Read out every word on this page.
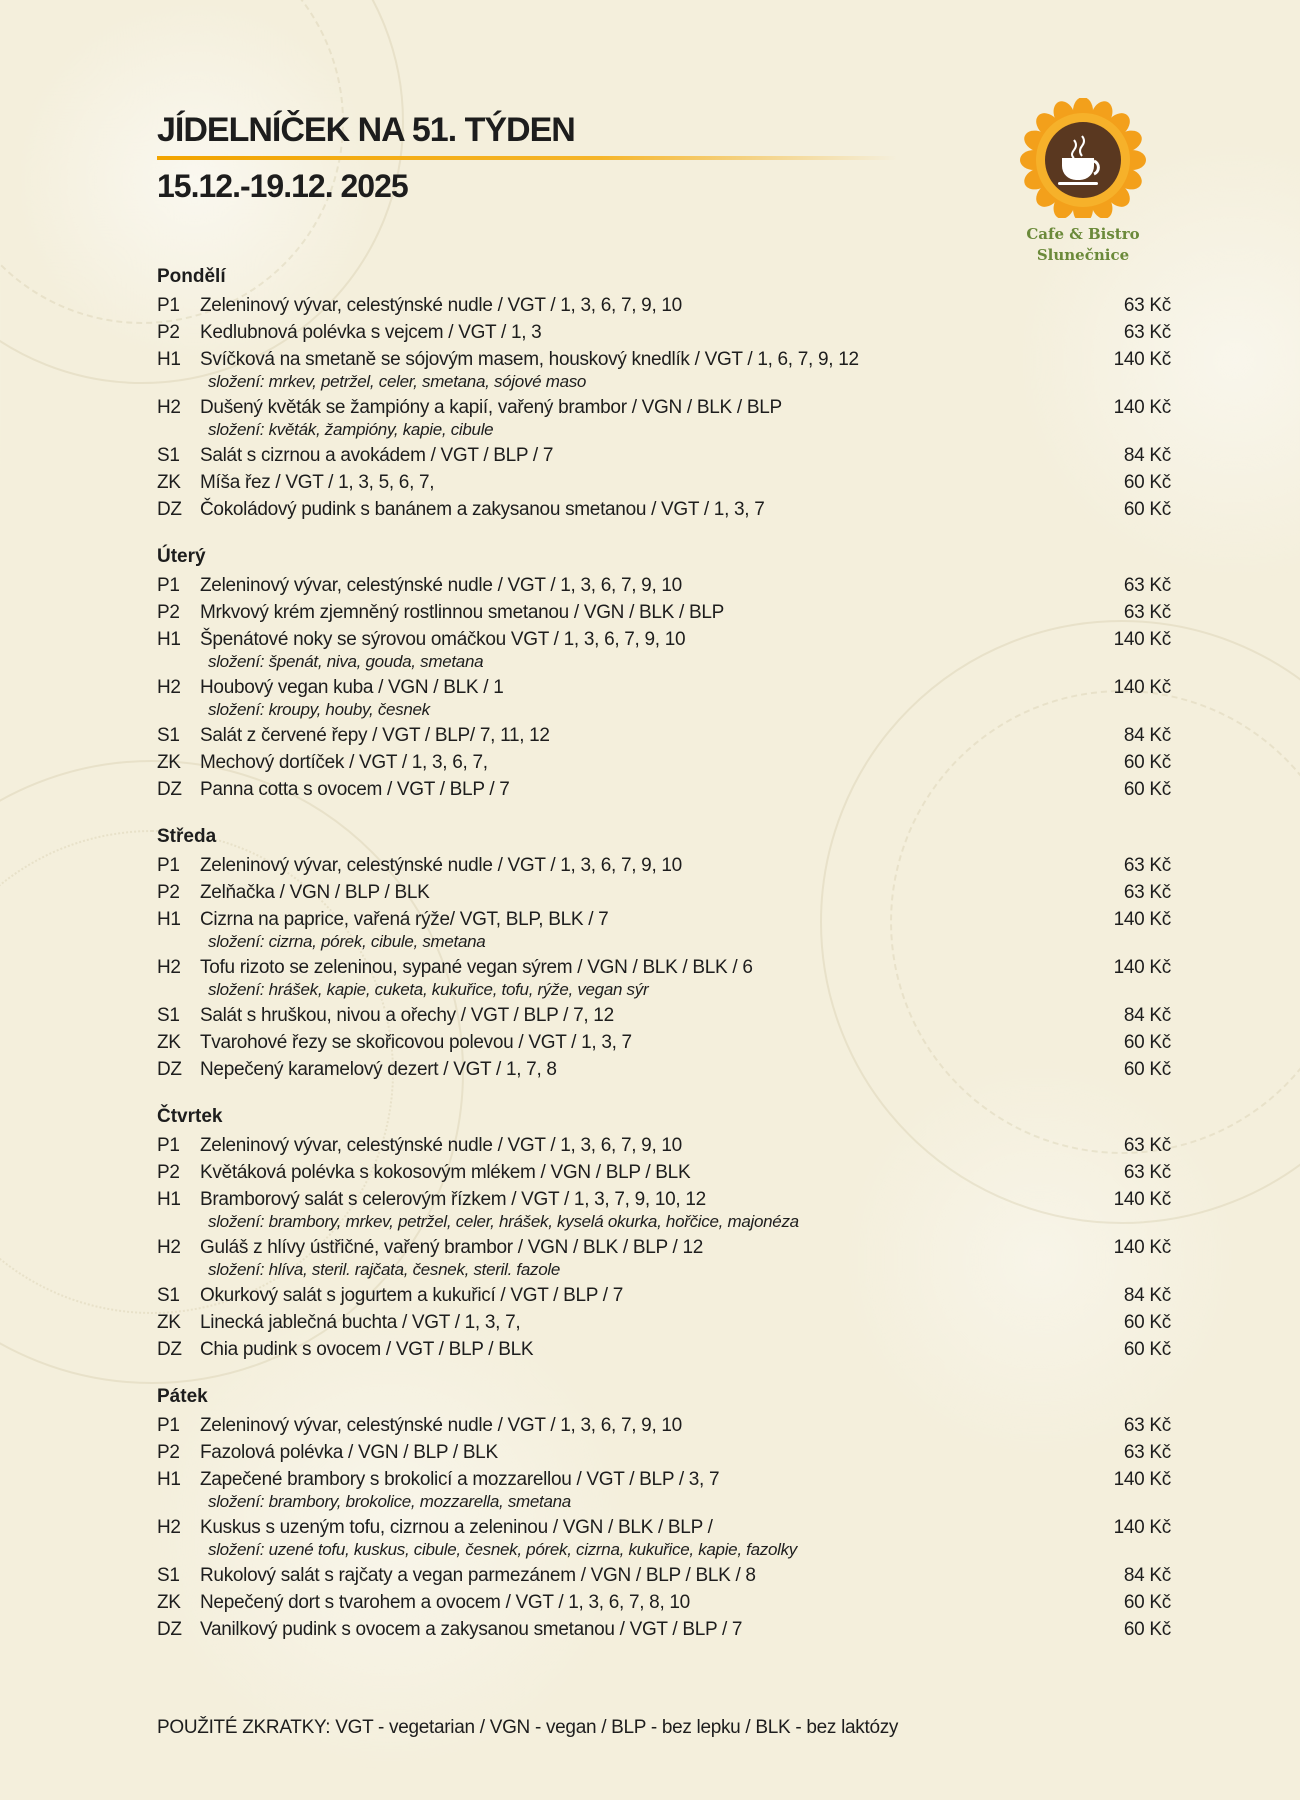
JÍDELNÍČEK NA 51. TÝDEN
15.12.-19.12. 2025
Cafe & Bistro
Slunečnice
Pondělí
P1	Zeleninový vývar, celestýnské nudle / VGT / 1, 3, 6, 7, 9, 10	63 Kč
P2	Kedlubnová polévka s vejcem / VGT / 1, 3	63 Kč
H1	Svíčková na smetaně se sójovým masem, houskový knedlík / VGT / 1, 6, 7, 9, 12	140 Kč
složení: mrkev, petržel, celer, smetana, sójové maso
H2	Dušený květák se žampióny a kapií, vařený brambor / VGN / BLK / BLP	140 Kč
složení: květák, žampióny, kapie, cibule
S1	Salát s cizrnou a avokádem / VGT / BLP / 7	84 Kč
ZK	Míša řez / VGT / 1, 3, 5, 6, 7,	60 Kč
DZ Čokoládový pudink s banánem a zakysanou smetanou / VGT / 1, 3, 7	60 Kč
Úterý
P1	Zeleninový vývar, celestýnské nudle / VGT / 1, 3, 6, 7, 9, 10	63 Kč
P2	Mrkvový krém zjemněný rostlinnou smetanou / VGN / BLK / BLP	63 Kč
H1	Špenátové noky se sýrovou omáčkou VGT / 1, 3, 6, 7, 9, 10	140 Kč
složení: špenát, niva, gouda, smetana
H2	Houbový vegan kuba / VGN / BLK / 1	140 Kč
složení: kroupy, houby, česnek
S1	Salát z červené řepy / VGT / BLP/ 7, 11, 12	84 Kč
ZK	Mechový dortíček / VGT / 1, 3, 6, 7,	60 Kč
DZ Panna cotta s ovocem / VGT / BLP / 7	60 Kč
Středa
P1	Zeleninový vývar, celestýnské nudle / VGT / 1, 3, 6, 7, 9, 10	63 Kč
P2	Zelňačka / VGN / BLP / BLK	63 Kč
H1	Cizrna na paprice, vařená rýže/ VGT, BLP, BLK / 7	140 Kč
složení: cizrna, pórek, cibule, smetana
H2	Tofu rizoto se zeleninou, sypané vegan sýrem / VGN / BLK / BLK / 6	140 Kč
složení: hrášek, kapie, cuketa, kukuřice, tofu, rýže, vegan sýr
S1	Salát s hruškou, nivou a ořechy / VGT / BLP / 7, 12	84 Kč
ZK	Tvarohové řezy se skořicovou polevou / VGT / 1, 3, 7	60 Kč
DZ Nepečený karamelový dezert / VGT / 1, 7, 8	60 Kč
Čtvrtek
P1	Zeleninový vývar, celestýnské nudle / VGT / 1, 3, 6, 7, 9, 10	63 Kč
P2	Květáková polévka s kokosovým mlékem / VGN / BLP / BLK	63 Kč
H1	Bramborový salát s celerovým řízkem / VGT / 1, 3, 7, 9, 10, 12	140 Kč
složení: brambory, mrkev, petržel, celer, hrášek, kyselá okurka, hořčice, majonéza
H2	Guláš z hlívy ústřičné, vařený brambor / VGN / BLK / BLP / 12	140 Kč
složení: hlíva, steril. rajčata, česnek, steril. fazole
S1	Okurkový salát s jogurtem a kukuřicí / VGT / BLP / 7	84 Kč
ZK	Linecká jablečná buchta / VGT / 1, 3, 7,	60 Kč
DZ Chia pudink s ovocem / VGT / BLP / BLK	60 Kč
Pátek
P1	Zeleninový vývar, celestýnské nudle / VGT / 1, 3, 6, 7, 9, 10	63 Kč
P2	Fazolová polévka / VGN / BLP / BLK	63 Kč
H1	Zapečené brambory s brokolicí a mozzarellou / VGT / BLP / 3, 7	140 Kč
složení: brambory, brokolice, mozzarella, smetana
H2	Kuskus s uzeným tofu, cizrnou a zeleninou / VGN / BLK / BLP /	140 Kč
složení: uzené tofu, kuskus, cibule, česnek, pórek, cizrna, kukuřice, kapie, fazolky
S1	Rukolový salát s rajčaty a vegan parmezánem / VGN / BLP / BLK / 8	84 Kč
ZK	Nepečený dort s tvarohem a ovocem / VGT / 1, 3, 6, 7, 8, 10	60 Kč
DZ Vanilkový pudink s ovocem a zakysanou smetanou / VGT / BLP / 7	60 Kč
POUŽITÉ ZKRATKY: VGT - vegetarian / VGN - vegan / BLP - bez lepku / BLK - bez laktózy
